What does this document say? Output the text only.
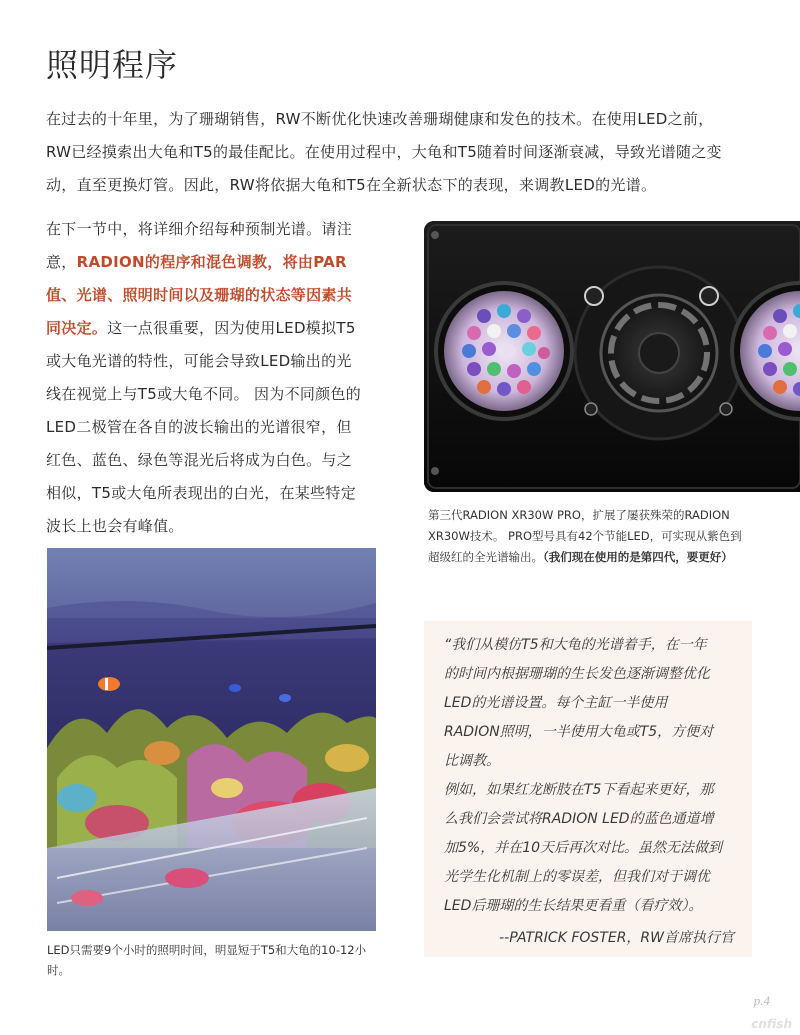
照明程序
在过去的十年里，为了珊瑚销售，RW不断优化快速改善珊瑚健康和发色的技术。在使用LED之前，
RW已经摸索出大龟和T5的最佳配比。在使用过程中，大龟和T5随着时间逐渐衰减，导致光谱随之变
动，直至更换灯管。因此，RW将依据大龟和T5在全新状态下的表现，来调教LED的光谱。
在下一节中，将详细介绍每种预制光谱。请注
意，RADION的程序和混色调教，将由PAR
值、光谱、照明时间以及珊瑚的状态等因素共
同决定。这一点很重要，因为使用LED模拟T5
或大龟光谱的特性，可能会导致LED输出的光
线在视觉上与T5或大龟不同。 因为不同颜色的
LED二极管在各自的波长输出的光谱很窄，但
红色、蓝色、绿色等混光后将成为白色。与之
相似，T5或大龟所表现出的白光，在某些特定
波长上也会有峰值。
第三代RADION XR30W PRO，扩展了屡获殊荣的RADION
XR30W技术。 PRO型号具有42个节能LED，可实现从紫色到
超级红的全光谱输出。（我们现在使用的是第四代，要更好）
LED只需要9个小时的照明时间，明显短于T5和大龟的10-12小时。
“我们从模仿T5和大龟的光谱着手，在一年
的时间内根据珊瑚的生长发色逐渐调整优化
LED的光谱设置。每个主缸一半使用
RADION照明，一半使用大龟或T5，方便对
比调教。
例如，如果红龙断肢在T5下看起来更好，那
么我们会尝试将RADION LED的蓝色通道增
加5%，并在10天后再次对比。虽然无法做到
光学生化机制上的零误差，但我们对于调优
LED后珊瑚的生长结果更看重（看疗效）。
--PATRICK FOSTER，RW首席执行官
p.4
cnfish
